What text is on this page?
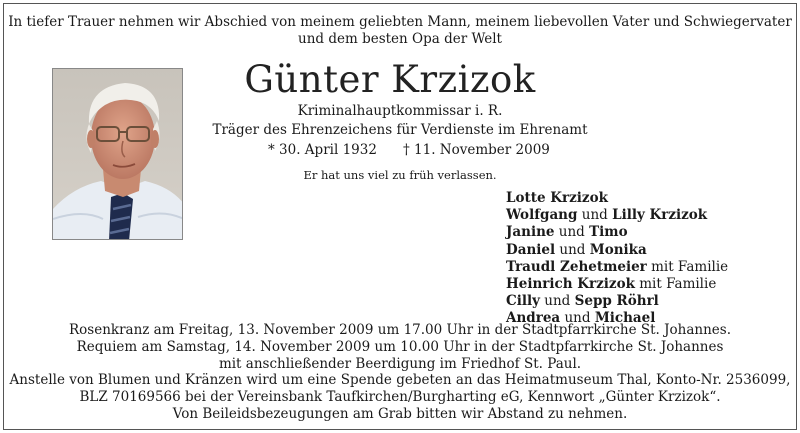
In tiefer Trauer nehmen wir Abschied von meinem geliebten Mann, meinem liebevollen Vater und Schwiegervater
und dem besten Opa der Welt
Günter Krzizok
Kriminalhauptkommissar i. R.
Träger des Ehrenzeichens für Verdienste im Ehrenamt
* 30. April 1932 † 11. November 2009
Er hat uns viel zu früh verlassen.
Lotte Krzizok
Wolfgang und Lilly Krzizok
Janine und Timo
Daniel und Monika
Traudl Zehetmeier mit Familie
Heinrich Krzizok mit Familie
Cilly und Sepp Röhrl
Andrea und Michael
Rosenkranz am Freitag, 13. November 2009 um 17.00 Uhr in der Stadtpfarrkirche St. Johannes.
Requiem am Samstag, 14. November 2009 um 10.00 Uhr in der Stadtpfarrkirche St. Johannes
mit anschließender Beerdigung im Friedhof St. Paul.
Anstelle von Blumen und Kränzen wird um eine Spende gebeten an das Heimatmuseum Thal, Konto-Nr. 2536099,
BLZ 70169566 bei der Vereinsbank Taufkirchen/Burgharting eG, Kennwort „Günter Krzizok“.
Von Beileidsbezeugungen am Grab bitten wir Abstand zu nehmen.
